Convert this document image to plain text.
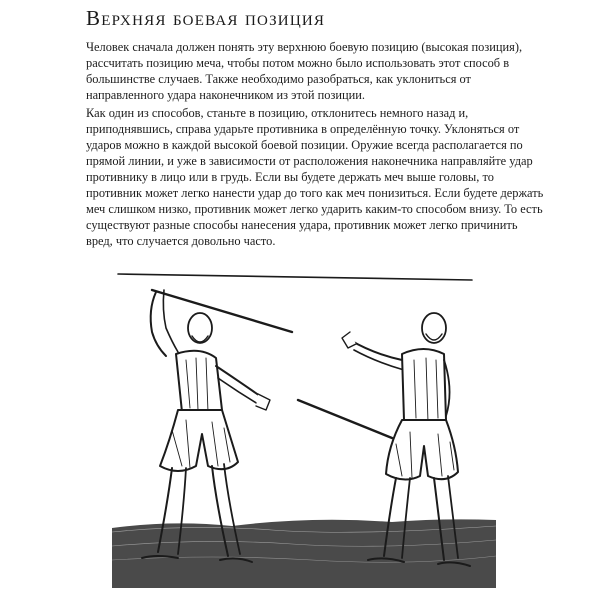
Верхняя боевая позиция

Человек сначала должен понять эту верхнюю боевую позицию (высокая позиция), рассчитать позицию меча, чтобы потом можно было использовать этот способ в большинстве случаев. Также необходимо разобраться, как уклониться от направленного удара наконечником из этой позиции.

Как один из способов, станьте в позицию, отклонитесь немного назад и, приподнявшись, справа ударьте противника в определённую точку. Уклоняться от ударов можно в каждой высокой боевой позиции. Оружие всегда располагается по прямой линии, и уже в зависимости от расположения наконечника направляйте удар противнику в лицо или в грудь. Если вы будете держать меч выше головы, то противник может легко нанести удар до того как меч понизиться. Если будете держать меч слишком низко, противник может легко ударить каким-то способом внизу. То есть существуют разные способы нанесения удара, противник может легко причинить вред, что случается довольно часто.
